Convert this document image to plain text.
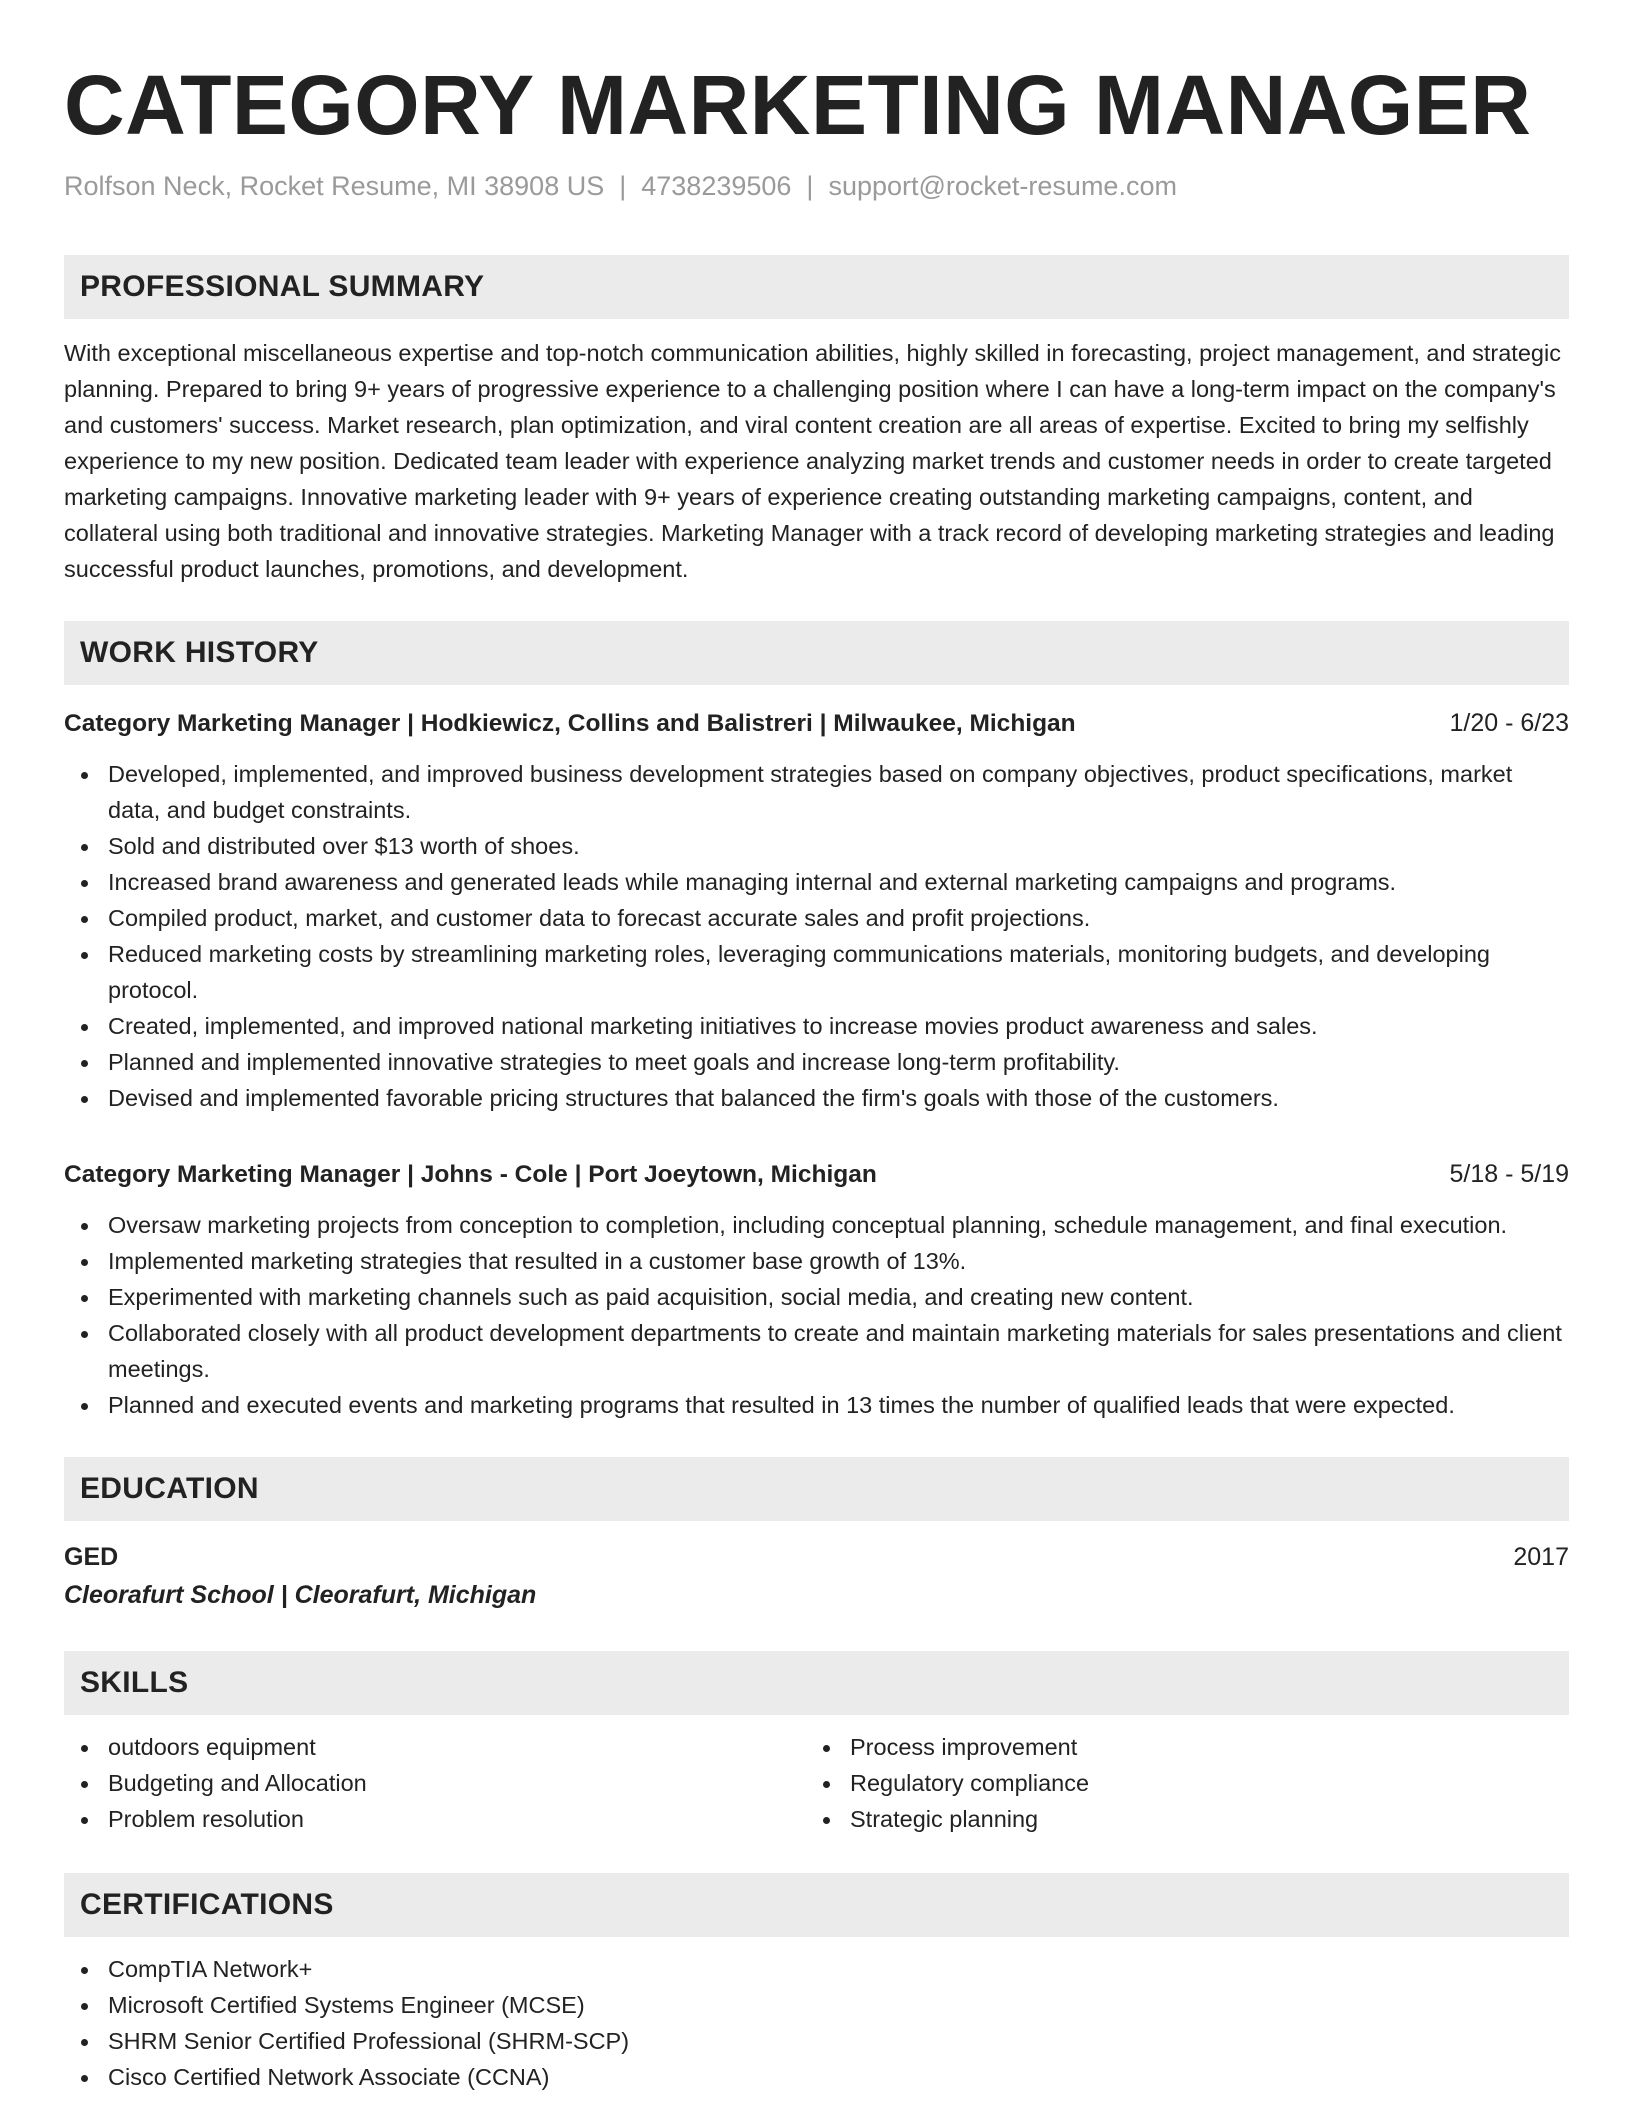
CATEGORY MARKETING MANAGER
Rolfson Neck, Rocket Resume, MI 38908 US | 4738239506 | support@rocket-resume.com
PROFESSIONAL SUMMARY

With exceptional miscellaneous expertise and top-notch communication abilities, highly skilled in forecasting, project management, and strategic planning. Prepared to bring 9+ years of progressive experience to a challenging position where I can have a long-term impact on the company's and customers' success. Market research, plan optimization, and viral content creation are all areas of expertise. Excited to bring my selfishly experience to my new position. Dedicated team leader with experience analyzing market trends and customer needs in order to create targeted marketing campaigns. Innovative marketing leader with 9+ years of experience creating outstanding marketing campaigns, content, and collateral using both traditional and innovative strategies. Marketing Manager with a track record of developing marketing strategies and leading successful product launches, promotions, and development.

WORK HISTORY
Category Marketing Manager | Hodkiewicz, Collins and Balistreri | Milwaukee, Michigan	1/20 - 6/23
Developed, implemented, and improved business development strategies based on company objectives, product specifications, market data, and budget constraints.
Sold and distributed over $13 worth of shoes.
Increased brand awareness and generated leads while managing internal and external marketing campaigns and programs.
Compiled product, market, and customer data to forecast accurate sales and profit projections.
Reduced marketing costs by streamlining marketing roles, leveraging communications materials, monitoring budgets, and developing protocol.
Created, implemented, and improved national marketing initiatives to increase movies product awareness and sales.
Planned and implemented innovative strategies to meet goals and increase long-term profitability.
Devised and implemented favorable pricing structures that balanced the firm's goals with those of the customers.
Category Marketing Manager | Johns - Cole | Port Joeytown, Michigan	5/18 - 5/19
Oversaw marketing projects from conception to completion, including conceptual planning, schedule management, and final execution.
Implemented marketing strategies that resulted in a customer base growth of 13%.
Experimented with marketing channels such as paid acquisition, social media, and creating new content.
Collaborated closely with all product development departments to create and maintain marketing materials for sales presentations and client meetings.
Planned and executed events and marketing programs that resulted in 13 times the number of qualified leads that were expected.
EDUCATION
GED	2017
Cleorafurt School | Cleorafurt, Michigan
SKILLS
outdoors equipment
Budgeting and Allocation
Problem resolution
Process improvement
Regulatory compliance
Strategic planning
CERTIFICATIONS
CompTIA Network+
Microsoft Certified Systems Engineer (MCSE)
SHRM Senior Certified Professional (SHRM-SCP)
Cisco Certified Network Associate (CCNA)
